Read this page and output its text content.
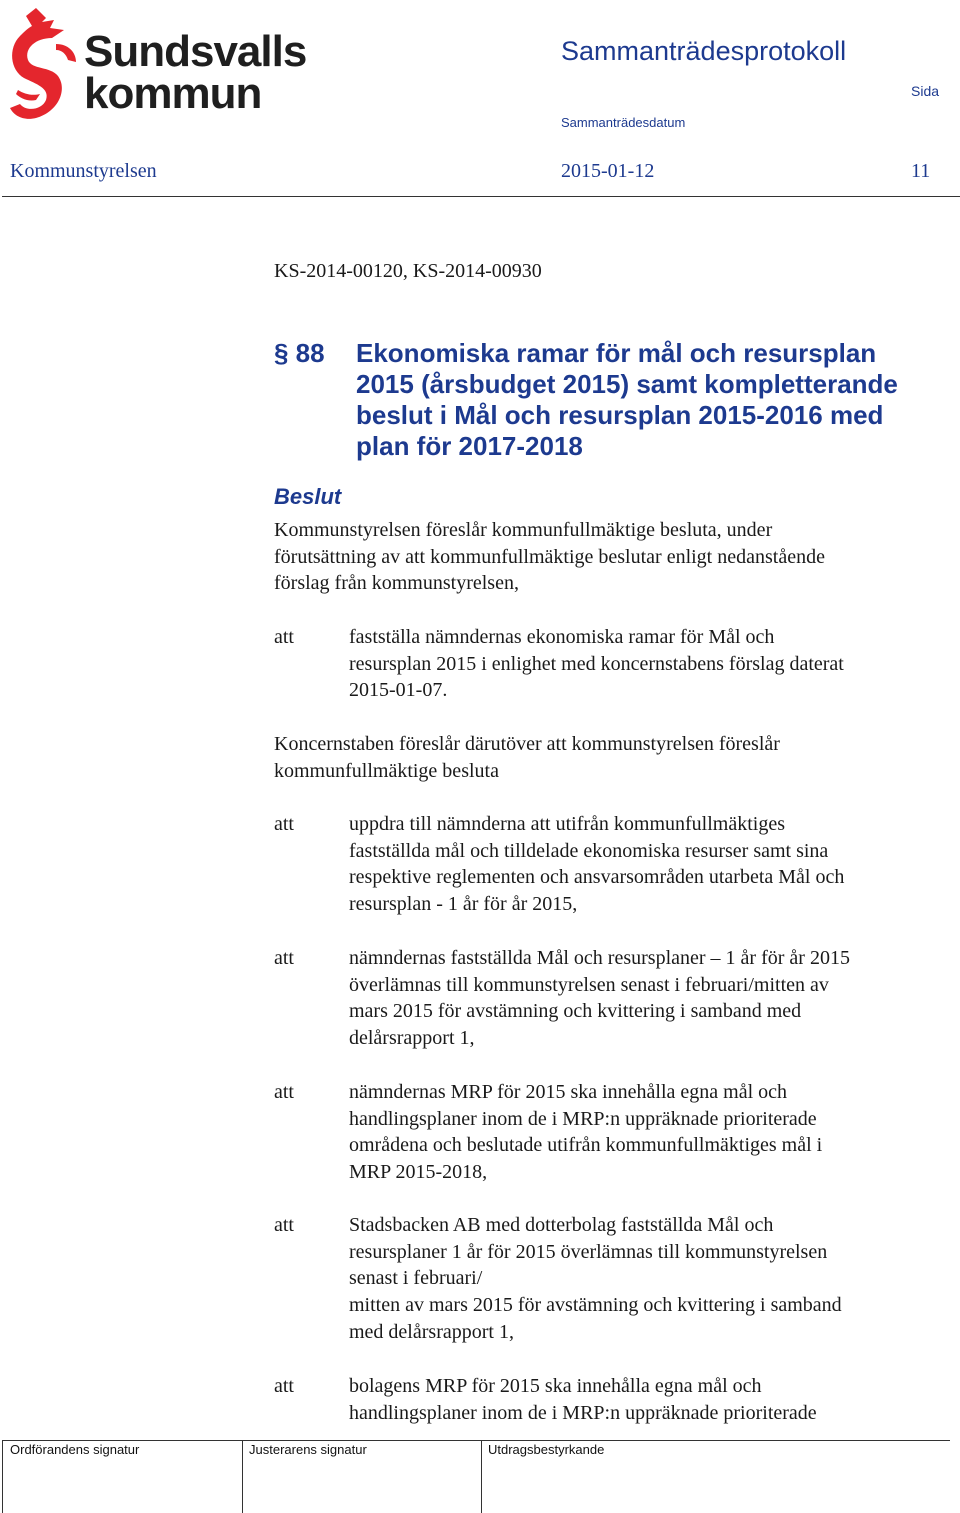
Sundsvalls
kommun
Sammanträdesprotokoll
Sida
Sammanträdesdatum
Kommunstyrelsen	2015-01-12	11
KS-2014-00120, KS-2014-00930
§ 88 Ekonomiska ramar för mål och resursplan
2015 (årsbudget 2015) samt kompletterande
beslut i Mål och resursplan 2015-2016 med
plan för 2017-2018
Beslut
Kommunstyrelsen föreslår kommunfullmäktige besluta, under
förutsättning av att kommunfullmäktige beslutar enligt nedanstående
förslag från kommunstyrelsen,
att	fastställa nämndernas ekonomiska ramar för Mål och
resursplan 2015 i enlighet med koncernstabens förslag daterat
2015-01-07.
Koncernstaben föreslår därutöver att kommunstyrelsen föreslår
kommunfullmäktige besluta
att	uppdra till nämnderna att utifrån kommunfullmäktiges
fastställda mål och tilldelade ekonomiska resurser samt sina
respektive reglementen och ansvarsområden utarbeta Mål och
resursplan - 1 år för år 2015,
att	nämndernas fastställda Mål och resursplaner – 1 år för år 2015
överlämnas till kommunstyrelsen senast i februari/mitten av
mars 2015 för avstämning och kvittering i samband med
delårsrapport 1,
att	nämndernas MRP för 2015 ska innehålla egna mål och
handlingsplaner inom de i MRP:n uppräknade prioriterade
områdena och beslutade utifrån kommunfullmäktiges mål i
MRP 2015-2018,
att	Stadsbacken AB med dotterbolag fastställda Mål och
resursplaner 1 år för 2015 överlämnas till kommunstyrelsen
senast i februari/
mitten av mars 2015 för avstämning och kvittering i samband
med delårsrapport 1,
att	bolagens MRP för 2015 ska innehålla egna mål och
handlingsplaner inom de i MRP:n uppräknade prioriterade
Ordförandens signatur	Justerarens signatur	Utdragsbestyrkande
